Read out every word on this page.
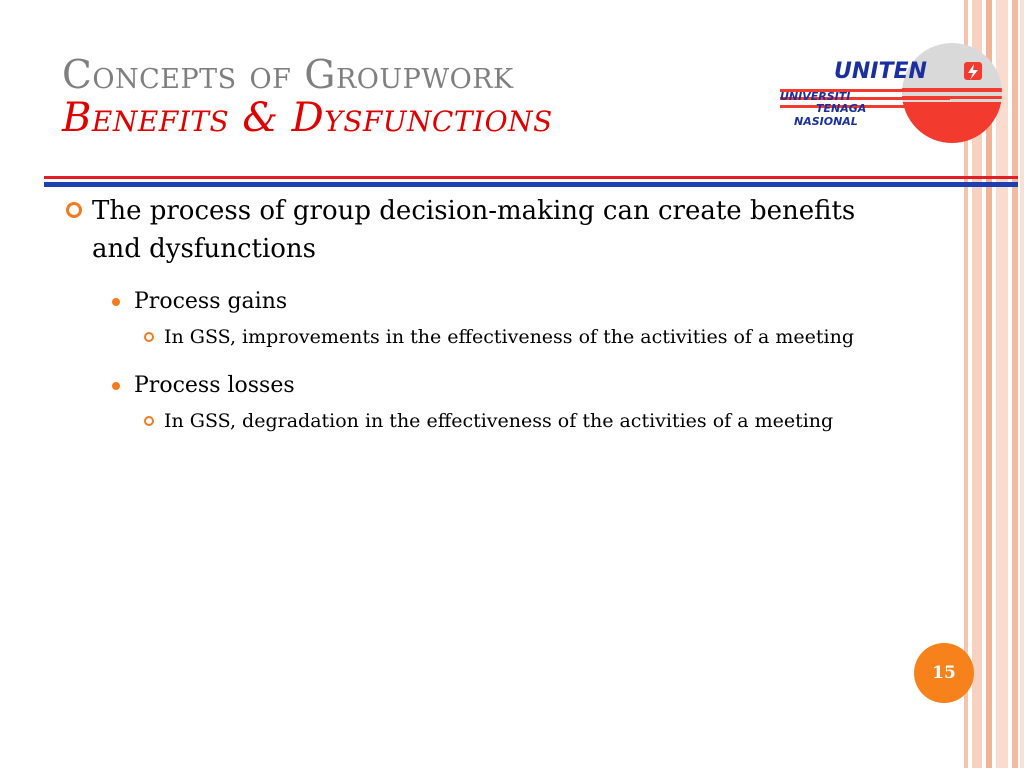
Concepts of Groupwork
Benefits & Dysfunctions
UNITEN
UNIVERSITI
TENAGA
NASIONAL
The process of group decision-making can create benefits and dysfunctions
Process gains
In GSS, improvements in the effectiveness of the activities of a meeting
Process losses
In GSS, degradation in the effectiveness of the activities of a meeting
15
